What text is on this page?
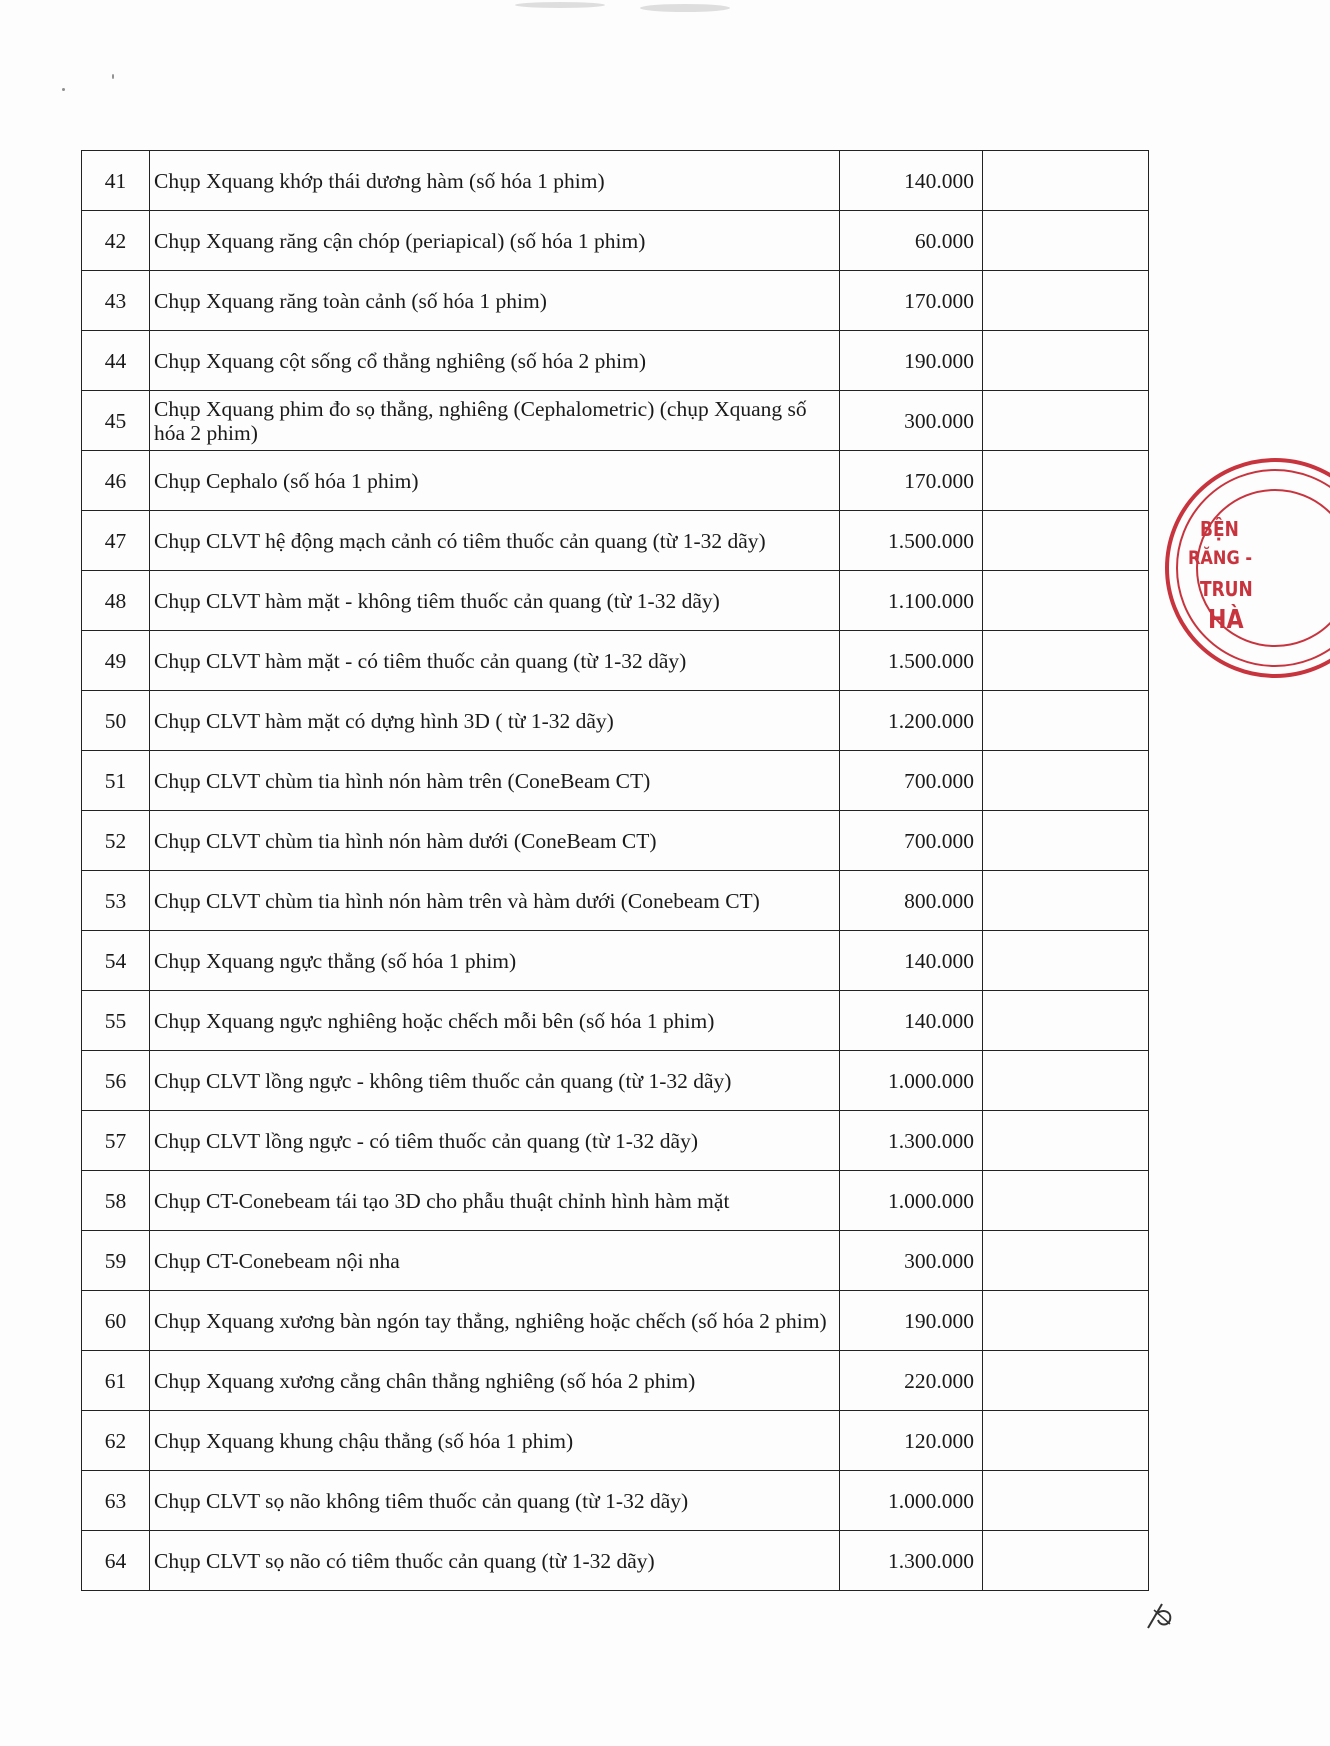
41	Chụp Xquang khớp thái dương hàm (số hóa 1 phim)	140.000	
42	Chụp Xquang răng cận chóp (periapical) (số hóa 1 phim)	60.000	
43	Chụp Xquang răng toàn cảnh (số hóa 1 phim)	170.000	
44	Chụp Xquang cột sống cổ thẳng nghiêng (số hóa 2 phim)	190.000	
45	Chụp Xquang phim đo sọ thẳng, nghiêng (Cephalometric) (chụp Xquang số hóa 2 phim)	300.000	
46	Chụp Cephalo (số hóa 1 phim)	170.000	
47	Chụp CLVT hệ động mạch cảnh có tiêm thuốc cản quang (từ 1-32 dãy)	1.500.000	
48	Chụp CLVT hàm mặt - không tiêm thuốc cản quang (từ 1-32 dãy)	1.100.000	
49	Chụp CLVT hàm mặt - có tiêm thuốc cản quang (từ 1-32 dãy)	1.500.000	
50	Chụp CLVT hàm mặt có dựng hình 3D ( từ 1-32 dãy)	1.200.000	
51	Chụp CLVT chùm tia hình nón hàm trên (ConeBeam CT)	700.000	
52	Chụp CLVT chùm tia hình nón hàm dưới (ConeBeam CT)	700.000	
53	Chụp CLVT chùm tia hình nón hàm trên và hàm dưới (Conebeam CT)	800.000	
54	Chụp Xquang ngực thẳng (số hóa 1 phim)	140.000	
55	Chụp Xquang ngực nghiêng hoặc chếch mỗi bên (số hóa 1 phim)	140.000	
56	Chụp CLVT lồng ngực - không tiêm thuốc cản quang (từ 1-32 dãy)	1.000.000	
57	Chụp CLVT lồng ngực - có tiêm thuốc cản quang (từ 1-32 dãy)	1.300.000	
58	Chụp CT-Conebeam tái tạo 3D cho phẫu thuật chỉnh hình hàm mặt	1.000.000	
59	Chụp CT-Conebeam nội nha	300.000	
60	Chụp Xquang xương bàn ngón tay thẳng, nghiêng hoặc chếch (số hóa 2 phim)	190.000	
61	Chụp Xquang xương cẳng chân thẳng nghiêng (số hóa 2 phim)	220.000	
62	Chụp Xquang khung chậu thẳng (số hóa 1 phim)	120.000	
63	Chụp CLVT sọ não không tiêm thuốc cản quang (từ 1-32 dãy)	1.000.000	
64	Chụp CLVT sọ não có tiêm thuốc cản quang (từ 1-32 dãy)	1.300.000	
BỆN
RĂNG -
TRUN
HÀ
